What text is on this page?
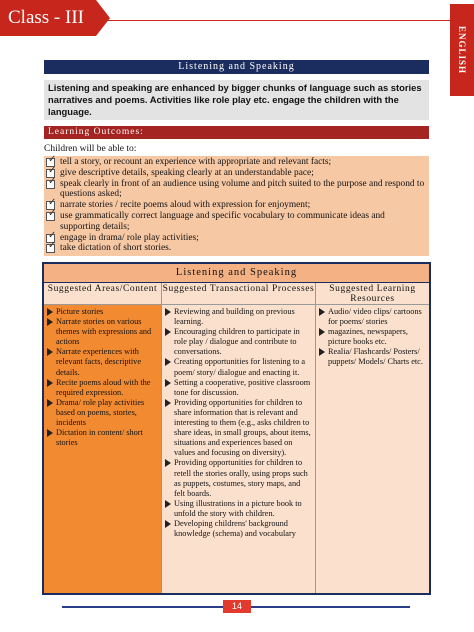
Class - III
ENGLISH
Listening and Speaking
Listening and speaking are enhanced by bigger chunks of language such as stories narratives and poems. Activities like role play etc. engage the children with the language.
Learning Outcomes:
Children will be able to:
✓
tell a story, or recount an experience with appropriate and relevant facts;
✓
give descriptive details, speaking clearly at an understandable pace;
✓
speak clearly in front of an audience using volume and pitch suited to the purpose and respond to questions asked;
✓
narrate stories / recite poems aloud with expression for enjoyment;
✓
use grammatically correct language and specific vocabulary to communicate ideas and supporting details;
✓
engage in drama/ role play activities;
✓
take dictation of short stories.
Listening and Speaking
Suggested Areas/Content
Picture stories
Narrate stories on various themes with expressions and actions
Narrate experiences with relevant facts, descriptive details.
Recite poems aloud with the required expression.
Drama/ role play activities based on poems, stories, incidents
Dictation in content/ short stories
Suggested Transactional Processes
Reviewing and building on previous learning.
Encouraging children to participate in role play / dialogue and contribute to conversations.
Creating opportunities for listening to a poem/ story/ dialogue and enacting it.
Setting a cooperative, positive classroom tone for discussion.
Providing opportunities for children to share information that is relevant and interesting to them (e.g., asks children to share ideas, in small groups, about items, situations and experiences based on values and focusing on diversity).
Providing opportunities for children to retell the stories orally, using props such as puppets, costumes, story maps, and felt boards.
Using illustrations in a picture book to unfold the story with children.
Developing childrens' background knowledge (schema) and vocabulary
Suggested Learning Resources
Audio/ video clips/ cartoons for poems/ stories
magazines, newspapers, picture books etc.
Realia/ Flashcards/ Posters/ puppets/ Models/ Charts etc.
14
